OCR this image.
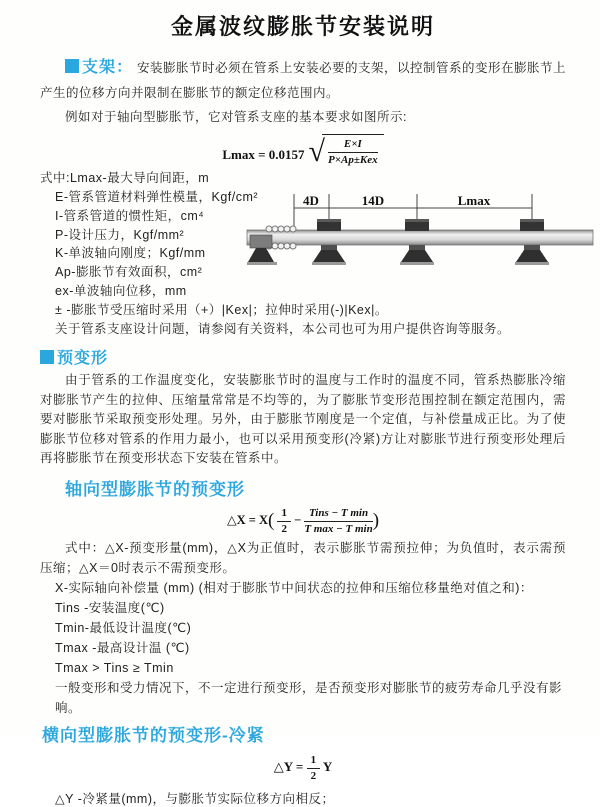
金属波纹膨胀节安装说明

支架： 安装膨胀节时必须在管系上安装必要的支架，以控制管系的变形在膨胀节上产生的位移方向并限制在膨胀节的额定位移范围内。

例如对于轴向型膨胀节，它对管系支座的基本要求如图所示:

Lmax = 0.0157 √ $\frac{E\times I}{\text{P×Ap±Kex}}$
式中:Lmax-最大导向间距，m
E-管系管道材料弹性模量，Kgf/cm²
I-管系管道的惯性矩，cm⁴
P-设计压力，Kgf/mm²
K-单波轴向刚度；Kgf/mm
Ap-膨胀节有效面积，cm²
ex-单波轴向位移，mm
± -膨胀节受压缩时采用（+）|Kex|；拉伸时采用(-)|Kex|。
关于管系支座设计问题，请参阅有关资料，本公司也可为用户提供咨询等服务。
预变形

由于管系的工作温度变化，安装膨胀节时的温度与工作时的温度不同，管系热膨胀冷缩对膨胀节产生的拉伸、压缩量常常是不均等的，为了膨胀节变形范围控制在额定范围内，需要对膨胀节采取预变形处理。另外，由于膨胀节刚度是一个定值，与补偿量成正比。为了使膨胀节位移对管系的作用力最小，也可以采用预变形(冷紧)方让对膨胀节进行预变形处理后再将膨胀节在预变形状态下安装在管系中。

轴向型膨胀节的预变形
△X = $X( \frac{1}{2} - \frac{\text{Tins − T min}}{\text{T max − T min}}$ )

式中：△X-预变形量(mm)，△X为正值时，表示膨胀节需预拉伸；为负值时，表示需预压缩；△X＝0时表示不需预变形。

X-实际轴向补偿量 (mm) (相对于膨胀节中间状态的拉伸和压缩位移量绝对值之和)：
Tins -安装温度(℃)
Tmin-最低设计温度(℃)
Tmax -最高设计温 (℃)
Tmax > Tins ≥ Tmin
一般变形和受力情况下，不一定进行预变形，是否预变形对膨胀节的疲劳寿命几乎没有影响。
横向型膨胀节的预变形-冷紧
△Y = $\frac{1}{2}$ Y
△Y -冷紧量(mm)，与膨胀节实际位移方向相反；
4D	14D	Lmax
